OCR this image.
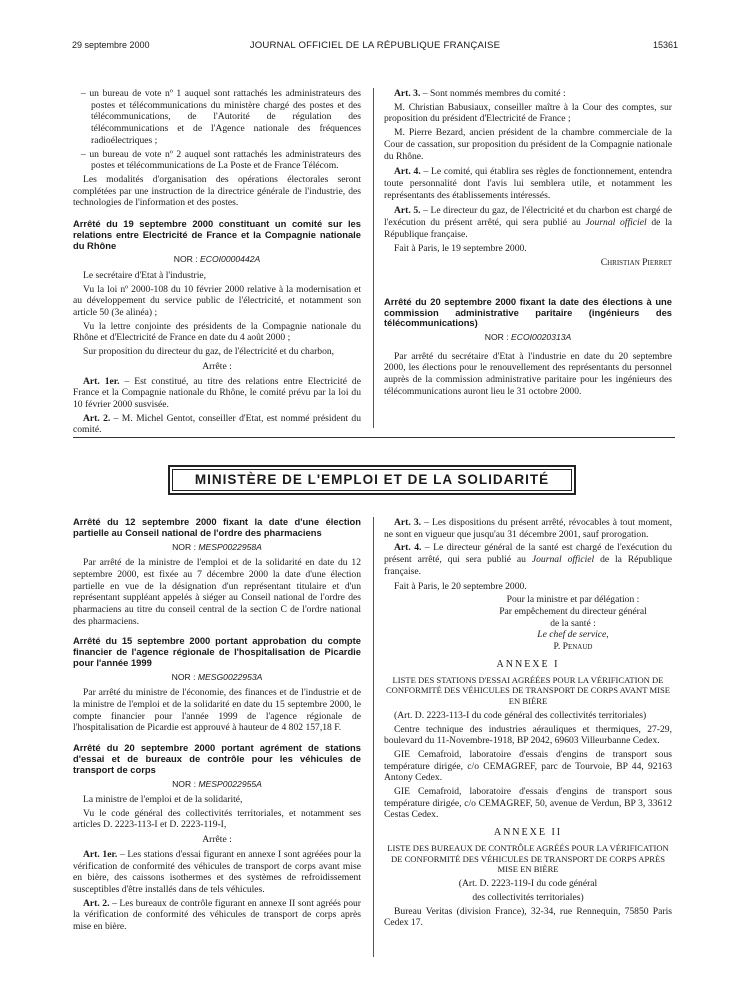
29 septembre 2000	JOURNAL OFFICIEL DE LA RÉPUBLIQUE FRANÇAISE	15361

– un bureau de vote nº 1 auquel sont rattachés les administrateurs des postes et télécommunications du ministère chargé des postes et des télécommunications, de l'Autorité de régulation des télécommunications et de l'Agence nationale des fréquences radioélectriques ;

– un bureau de vote nº 2 auquel sont rattachés les administrateurs des postes et télécommunications de La Poste et de France Télécom.

Les modalités d'organisation des opérations électorales seront complétées par une instruction de la directrice générale de l'industrie, des technologies de l'information et des postes.

Arrêté du 19 septembre 2000 constituant un comité sur les relations entre Electricité de France et la Compagnie nationale du Rhône
NOR : ECOI0000442A

Le secrétaire d'Etat à l'industrie,

Vu la loi nº 2000-108 du 10 février 2000 relative à la modernisation et au développement du service public de l'électricité, et notamment son article 50 (3e alinéa) ;

Vu la lettre conjointe des présidents de la Compagnie nationale du Rhône et d'Electricité de France en date du 4 août 2000 ;

Sur proposition du directeur du gaz, de l'électricité et du charbon,

Arrête :

Art. 1er. – Est constitué, au titre des relations entre Electricité de France et la Compagnie nationale du Rhône, le comité prévu par la loi du 10 février 2000 susvisée.

Art. 2. – M. Michel Gentot, conseiller d'Etat, est nommé président du comité.

Art. 3. – Sont nommés membres du comité :

M. Christian Babusiaux, conseiller maître à la Cour des comptes, sur proposition du président d'Electricité de France ;

M. Pierre Bezard, ancien président de la chambre commerciale de la Cour de cassation, sur proposition du président de la Compagnie nationale du Rhône.

Art. 4. – Le comité, qui établira ses règles de fonctionnement, entendra toute personnalité dont l'avis lui semblera utile, et notamment les représentants des établissements intéressés.

Art. 5. – Le directeur du gaz, de l'électricité et du charbon est chargé de l'exécution du présent arrêté, qui sera publié au Journal officiel de la République française.

Fait à Paris, le 19 septembre 2000.

Christian Pierret

Arrêté du 20 septembre 2000 fixant la date des élections à une commission administrative paritaire (ingénieurs des télécommunications)
NOR : ECOI0020313A

Par arrêté du secrétaire d'Etat à l'industrie en date du 20 septembre 2000, les élections pour le renouvellement des représentants du personnel auprès de la commission administrative paritaire pour les ingénieurs des télécommunications auront lieu le 31 octobre 2000.

MINISTÈRE DE L'EMPLOI ET DE LA SOLIDARITÉ
Arrêté du 12 septembre 2000 fixant la date d'une élection partielle au Conseil national de l'ordre des pharmaciens
NOR : MESP0022958A

Par arrêté de la ministre de l'emploi et de la solidarité en date du 12 septembre 2000, est fixée au 7 décembre 2000 la date d'une élection partielle en vue de la désignation d'un représentant titulaire et d'un représentant suppléant appelés à siéger au Conseil national de l'ordre des pharmaciens au titre du conseil central de la section C de l'ordre national des pharmaciens.

Arrêté du 15 septembre 2000 portant approbation du compte financier de l'agence régionale de l'hospitalisation de Picardie pour l'année 1999
NOR : MESG0022953A

Par arrêté du ministre de l'économie, des finances et de l'industrie et de la ministre de l'emploi et de la solidarité en date du 15 septembre 2000, le compte financier pour l'année 1999 de l'agence régionale de l'hospitalisation de Picardie est approuvé à hauteur de 4 802 157,18 F.

Arrêté du 20 septembre 2000 portant agrément de stations d'essai et de bureaux de contrôle pour les véhicules de transport de corps
NOR : MESP0022955A

La ministre de l'emploi et de la solidarité,

Vu le code général des collectivités territoriales, et notamment ses articles D. 2223-113-I et D. 2223-119-I,

Arrête :

Art. 1er. – Les stations d'essai figurant en annexe I sont agréées pour la vérification de conformité des véhicules de transport de corps avant mise en bière, des caissons isothermes et des systèmes de refroidissement susceptibles d'être installés dans de tels véhicules.

Art. 2. – Les bureaux de contrôle figurant en annexe II sont agréés pour la vérification de conformité des véhicules de transport de corps après mise en bière.

Art. 3. – Les dispositions du présent arrêté, révocables à tout moment, ne sont en vigueur que jusqu'au 31 décembre 2001, sauf prorogation.

Art. 4. – Le directeur général de la santé est chargé de l'exécution du présent arrêté, qui sera publié au Journal officiel de la République française.

Fait à Paris, le 20 septembre 2000.

Pour la ministre et par délégation :
Par empêchement du directeur général
de la santé :
Le chef de service,
P. Penaud
ANNEXE I
LISTE DES STATIONS D'ESSAI AGRÉÉES POUR LA VÉRIFICATION DE CONFORMITÉ DES VÉHICULES DE TRANSPORT DE CORPS AVANT MISE EN BIÈRE

(Art. D. 2223-113-I du code général des collectivités territoriales)

Centre technique des industries aérauliques et thermiques, 27-29, boulevard du 11-Novembre-1918, BP 2042, 69603 Villeurbanne Cedex.

GIE Cemafroid, laboratoire d'essais d'engins de transport sous température dirigée, c/o CEMAGREF, parc de Tourvoie, BP 44, 92163 Antony Cedex.

GIE Cemafroid, laboratoire d'essais d'engins de transport sous température dirigée, c/o CEMAGREF, 50, avenue de Verdun, BP 3, 33612 Cestas Cedex.

ANNEXE II
LISTE DES BUREAUX DE CONTRÔLE AGRÉÉS POUR LA VÉRIFICATION DE CONFORMITÉ DES VÉHICULES DE TRANSPORT DE CORPS APRÈS MISE EN BIÈRE

(Art. D. 2223-119-I du code général

des collectivités territoriales)

Bureau Veritas (division France), 32-34, rue Rennequin, 75850 Paris Cedex 17.
